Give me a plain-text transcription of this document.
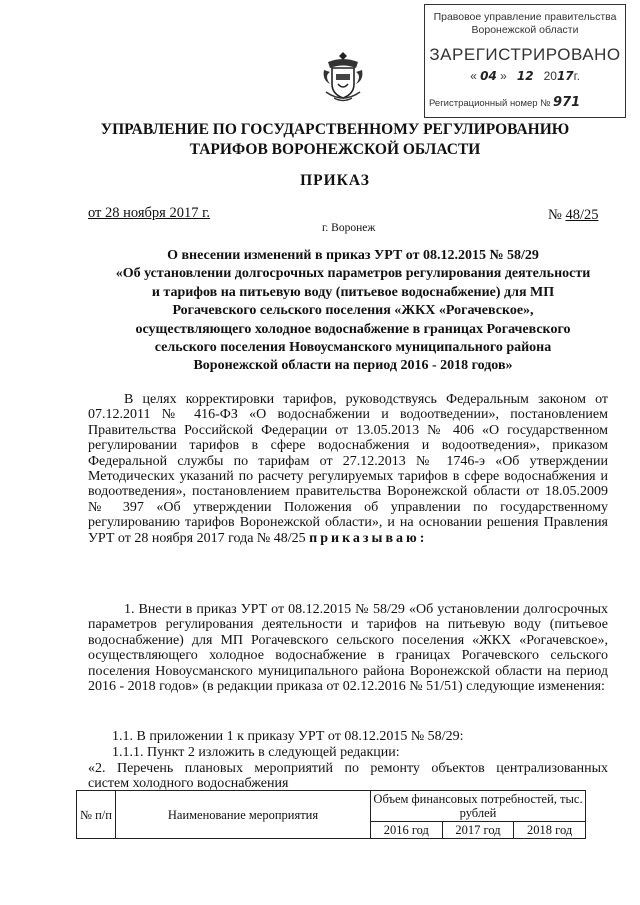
Правовое управление правительства
Воронежской области
ЗАРЕГИСТРИРОВАНО
« 04 » 12 2017г.
Регистрационный номер № 971
УПРАВЛЕНИЕ ПО ГОСУДАРСТВЕННОМУ РЕГУЛИРОВАНИЮ
ТАРИФОВ ВОРОНЕЖСКОЙ ОБЛАСТИ
ПРИКАЗ
от 28 ноября 2017 г.	№ 48/25
г. Воронеж
О внесении изменений в приказ УРТ от 08.12.2015 № 58/29
«Об установлении долгосрочных параметров регулирования деятельности
и тарифов на питьевую воду (питьевое водоснабжение) для МП
Рогачевского сельского поселения «ЖКХ «Рогачевское»,
осуществляющего холодное водоснабжение в границах Рогачевского
сельского поселения Новоусманского муниципального района
Воронежской области на период 2016 - 2018 годов»
В целях корректировки тарифов, руководствуясь Федеральным законом от 07.12.2011 № 416-ФЗ «О водоснабжении и водоотведении», постановлением Правительства Российской Федерации от 13.05.2013 № 406 «О государственном регулировании тарифов в сфере водоснабжения и водоотведения», приказом Федеральной службы по тарифам от 27.12.2013 № 1746-э «Об утверждении Методических указаний по расчету регулируемых тарифов в сфере водоснабжения и водоотведения», постановлением правительства Воронежской области от 18.05.2009 № 397 «Об утверждении Положения об управлении по государственному регулированию тарифов Воронежской области», и на основании решения Правления УРТ от 28 ноября 2017 года № 48/25 приказываю:
1. Внести в приказ УРТ от 08.12.2015 № 58/29 «Об установлении долгосрочных параметров регулирования деятельности и тарифов на питьевую воду (питьевое водоснабжение) для МП Рогачевского сельского поселения «ЖКХ «Рогачевское», осуществляющего холодное водоснабжение в границах Рогачевского сельского поселения Новоусманского муниципального района Воронежской области на период 2016 - 2018 годов» (в редакции приказа от 02.12.2016 № 51/51) следующие изменения:
1.1. В приложении 1 к приказу УРТ от 08.12.2015 № 58/29:
1.1.1. Пункт 2 изложить в следующей редакции:
«2. Перечень плановых мероприятий по ремонту объектов централизованных
систем холодного водоснабжения
№ п/п	Наименование мероприятия	Объем финансовых потребностей, тыс. рублей		
		2016 год	2017 год	2018 год
